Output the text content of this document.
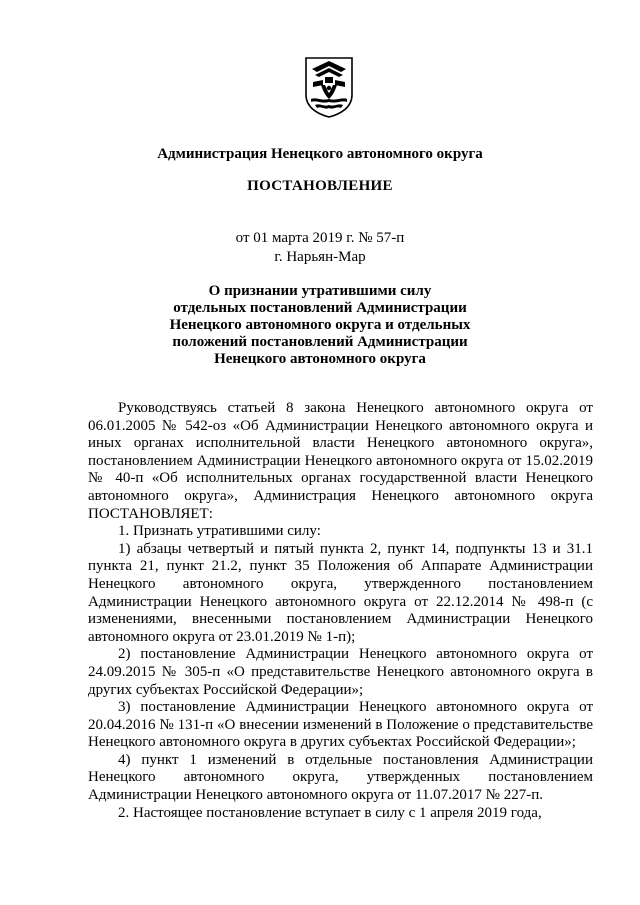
Администрация Ненецкого автономного округа
ПОСТАНОВЛЕНИЕ
от 01 марта 2019 г. № 57-п
г. Нарьян-Мар
О признании утратившими силу
отдельных постановлений Администрации
Ненецкого автономного округа и отдельных
положений постановлений Администрации
Ненецкого автономного округа

Руководствуясь статьей 8 закона Ненецкого автономного округа от 06.01.2005 № 542-оз «Об Администрации Ненецкого автономного округа и иных органах исполнительной власти Ненецкого автономного округа», постановлением Администрации Ненецкого автономного округа от 15.02.2019 № 40-п «Об исполнительных органах государственной власти Ненецкого автономного округа», Администрация Ненецкого автономного округа ПОСТАНОВЛЯЕТ:

1. Признать утратившими силу:

1) абзацы четвертый и пятый пункта 2, пункт 14, подпункты 13 и 31.1 пункта 21, пункт 21.2, пункт 35 Положения об Аппарате Администрации Ненецкого автономного округа, утвержденного постановлением Администрации Ненецкого автономного округа от 22.12.2014 № 498-п (с изменениями, внесенными постановлением Администрации Ненецкого автономного округа от 23.01.2019 № 1-п);

2) постановление Администрации Ненецкого автономного округа от 24.09.2015 № 305-п «О представительстве Ненецкого автономного округа в других субъектах Российской Федерации»;

3) постановление Администрации Ненецкого автономного округа от 20.04.2016 № 131-п «О внесении изменений в Положение о представительстве Ненецкого автономного округа в других субъектах Российской Федерации»;

4) пункт 1 изменений в отдельные постановления Администрации Ненецкого автономного округа, утвержденных постановлением Администрации Ненецкого автономного округа от 11.07.2017 № 227-п.

2. Настоящее постановление вступает в силу с 1 апреля 2019 года,
